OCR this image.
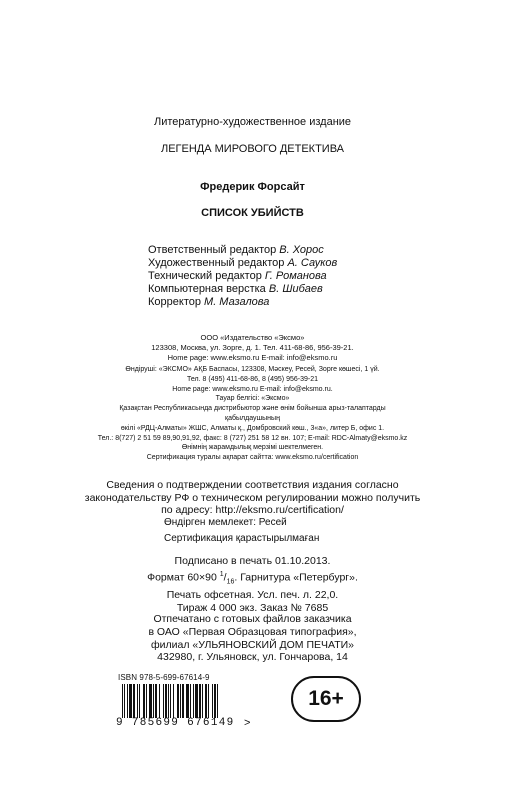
Литературно-художественное издание
ЛЕГЕНДА МИРОВОГО ДЕТЕКТИВА
Фредерик Форсайт
СПИСОК УБИЙСТВ
Ответственный редактор В. Хорос
Художественный редактор А. Сауков
Технический редактор Г. Романова
Компьютерная верстка В. Шибаев
Корректор М. Мазалова
ООО «Издательство «Эксмо»
123308, Москва, ул. Зорге, д. 1. Тел. 411-68-86, 956-39-21.
Home page: www.eksmo.ru E-mail: info@eksmo.ru
Өндіруші: «ЭКСМО» АҚБ Баспасы, 123308, Мәскеу, Ресей, Зорге көшесі, 1 үй.
Тел. 8 (495) 411-68-86, 8 (495) 956-39-21
Home page: www.eksmo.ru E-mail: info@eksmo.ru.
Тауар белгісі: «Эксмо»
Қазақстан Республикасында дистрибьютор және өнім бойынша арыз-талаптарды
қабылдаушының
өкілі «РДЦ-Алматы» ЖШС, Алматы қ., Домбровский көш., 3«а», литер Б, офис 1.
Тел.: 8(727) 2 51 59 89,90,91,92, факс: 8 (727) 251 58 12 вн. 107; E-mail: RDC-Almaty@eksmo.kz
Өнімнің жарамдылық мерзімі шектелмеген.
Сертификация туралы ақпарат сайтта: www.eksmo.ru/certification
Сведения о подтверждении соответствия издания согласно
законодательству РФ о техническом регулировании можно получить
по адресу: http://eksmo.ru/certification/
Өндірген мемлекет: Ресей
Сертификация қарастырылмаған
Подписано в печать 01.10.2013.
Формат 60×90 $^1/_{16}$. Гарнитура «Петербург».
Печать офсетная. Усл. печ. л. 22,0.
Тираж 4 000 экз. Заказ № 7685
Отпечатано с готовых файлов заказчика
в ОАО «Первая Образцовая типография»,
филиал «УЛЬЯНОВСКИЙ ДОМ ПЕЧАТИ»
432980, г. Ульяновск, ул. Гончарова, 14
ISBN 978-5-699-67614-9
9 785699 676149 >
16+
